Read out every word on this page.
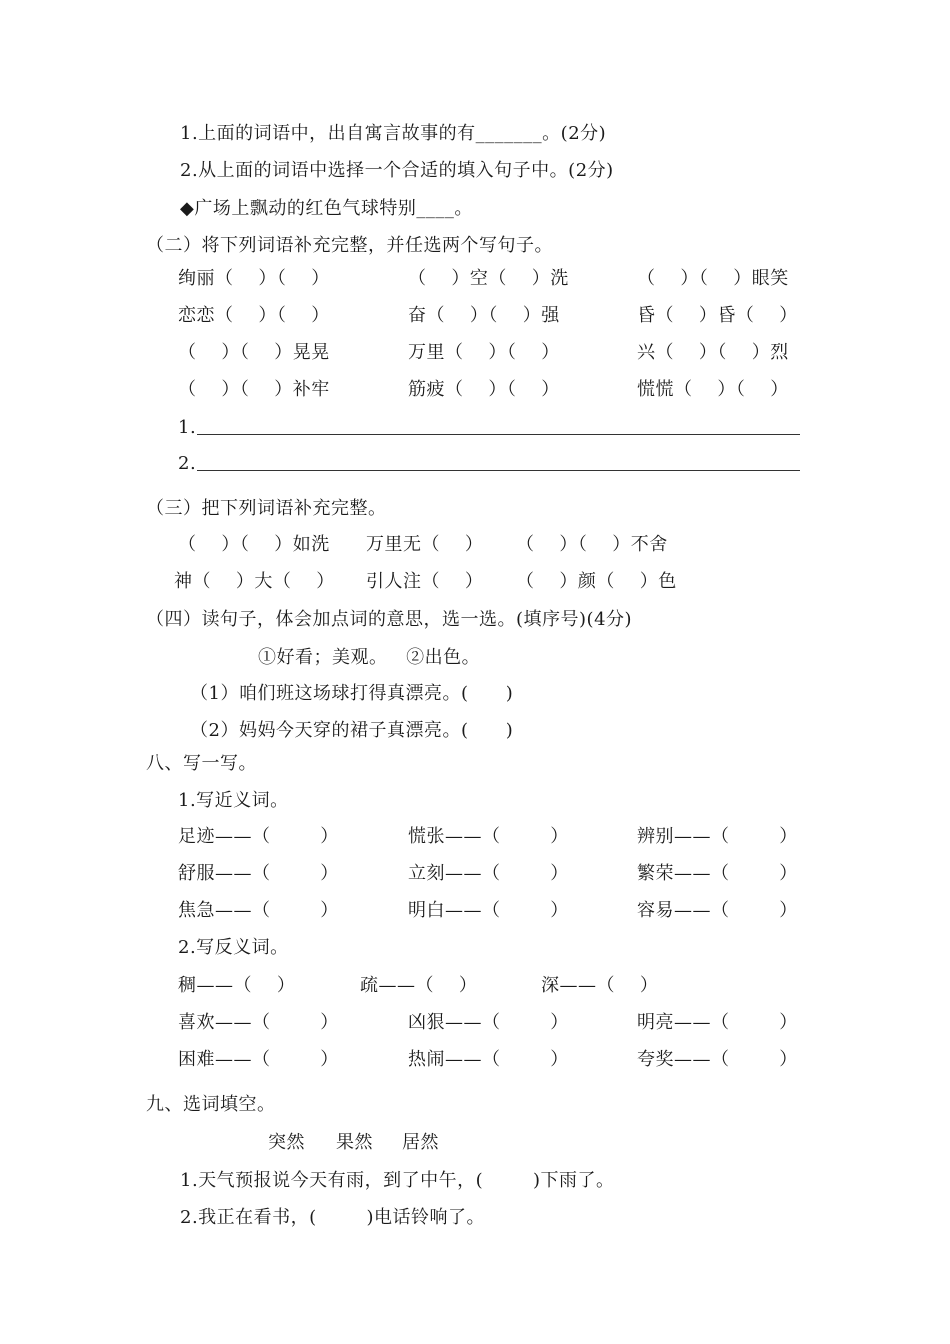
1.上面的词语中，出自寓言故事的有_______。(2分)
2.从上面的词语中选择一个合适的填入句子中。(2分)
◆广场上飘动的红色气球特别____。
（二）将下列词语补充完整，并任选两个写句子。
绚丽（    ）（    ）	（    ）空（    ）洗	（    ）（    ）眼笑
恋恋（    ）（    ）	奋（    ）（    ）强	昏（    ）昏（    ）
（    ）（    ）晃晃	万里（    ）（    ）	兴（    ）（    ）烈
（    ）（    ）补牢	筋疲（    ）（    ）	慌慌（    ）（    ）
1.
2.
（三）把下列词语补充完整。
（    ）（    ）如洗 万里无（    ） （    ）（    ）不舍
神（    ）大（    ） 引人注（    ） （    ）颜（    ）色
（四）读句子，体会加点词的意思，选一选。(填序号)(4分)
①好看；美观。   ②出色。
（1）咱们班这场球打得真漂亮。(      )
（2）妈妈今天穿的裙子真漂亮。(      )
八、写一写。
1.写近义词。
足迹——（        ）	慌张——（        ）	辨别——（        ）
舒服——（        ）	立刻——（        ）	繁荣——（        ）
焦急——（        ）	明白——（        ）	容易——（        ）
2.写反义词。
稠——（    ）	疏——（    ）	深——（    ）
喜欢——（        ）	凶狠——（        ）	明亮——（        ）
困难——（        ）	热闹——（        ）	夸奖——（        ）
九、选词填空。
突然 果然 居然
1.天气预报说今天有雨，到了中午，(        )下雨了。
2.我正在看书，(        )电话铃响了。
